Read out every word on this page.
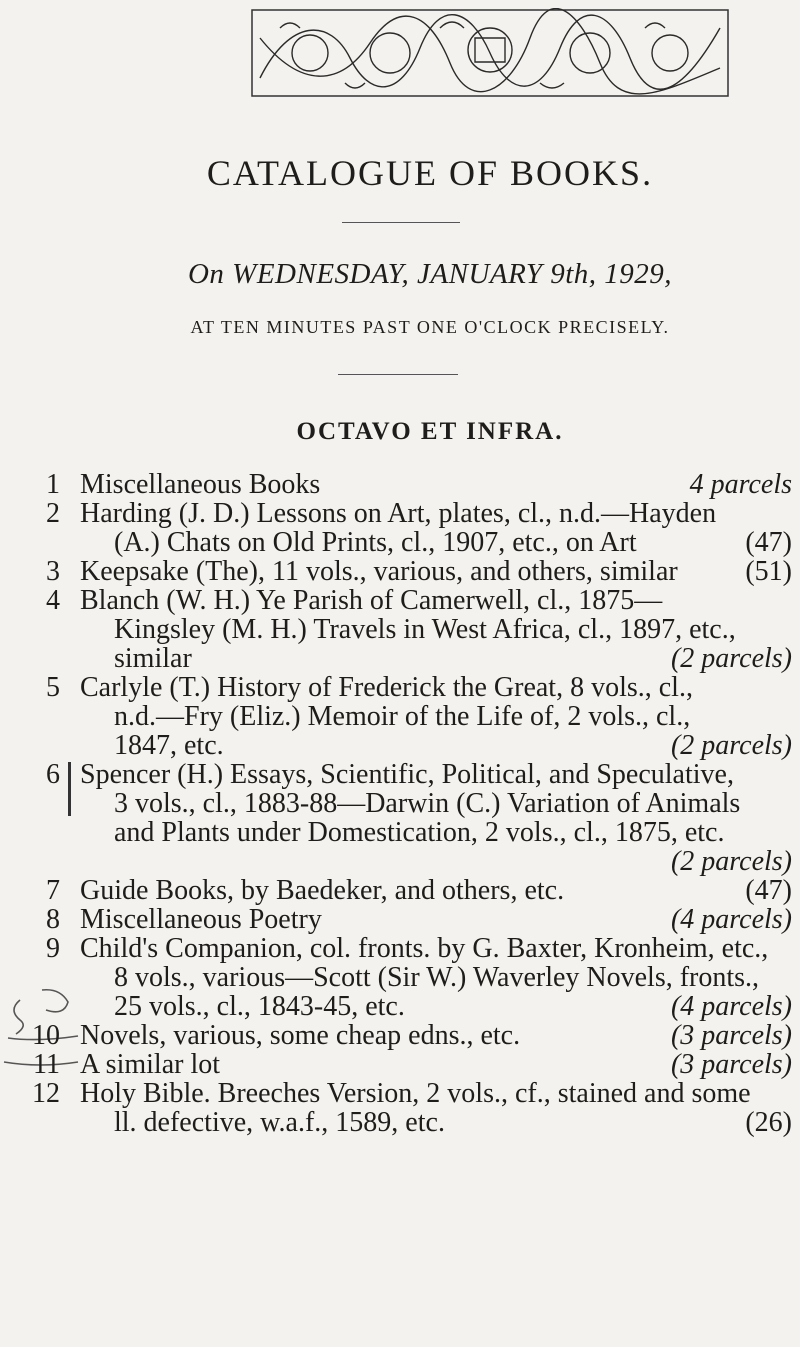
CATALOGUE OF BOOKS.
On WEDNESDAY, JANUARY 9th, 1929,
AT TEN MINUTES PAST ONE O'CLOCK PRECISELY.
OCTAVO ET INFRA.
1 Miscellaneous Books	4 parcels
2 Harding (J. D.) Lessons on Art, plates, cl., n.d.—Hayden
(A.) Chats on Old Prints, cl., 1907, etc., on Art	(47)
3 Keepsake (The), 11 vols., various, and others, similar (51)
4 Blanch (W. H.) Ye Parish of Camerwell, cl., 1875—
Kingsley (M. H.) Travels in West Africa, cl., 1897, etc.,
similar	(2 parcels)
5 Carlyle (T.) History of Frederick the Great, 8 vols., cl.,
n.d.—Fry (Eliz.) Memoir of the Life of, 2 vols., cl.,
1847, etc.	(2 parcels)
6 Spencer (H.) Essays, Scientific, Political, and Speculative,
3 vols., cl., 1883-88—Darwin (C.) Variation of Animals
and Plants under Domestication, 2 vols., cl., 1875, etc.
(2 parcels)
7 Guide Books, by Baedeker, and others, etc.	(47)
8 Miscellaneous Poetry	(4 parcels)
9 Child's Companion, col. fronts. by G. Baxter, Kronheim, etc.,
8 vols., various—Scott (Sir W.) Waverley Novels, fronts.,
25 vols., cl., 1843-45, etc.	(4 parcels)
10 Novels, various, some cheap edns., etc.	(3 parcels)
11 A similar lot	(3 parcels)
12 Holy Bible. Breeches Version, 2 vols., cf., stained and some
ll. defective, w.a.f., 1589, etc.	(26)
